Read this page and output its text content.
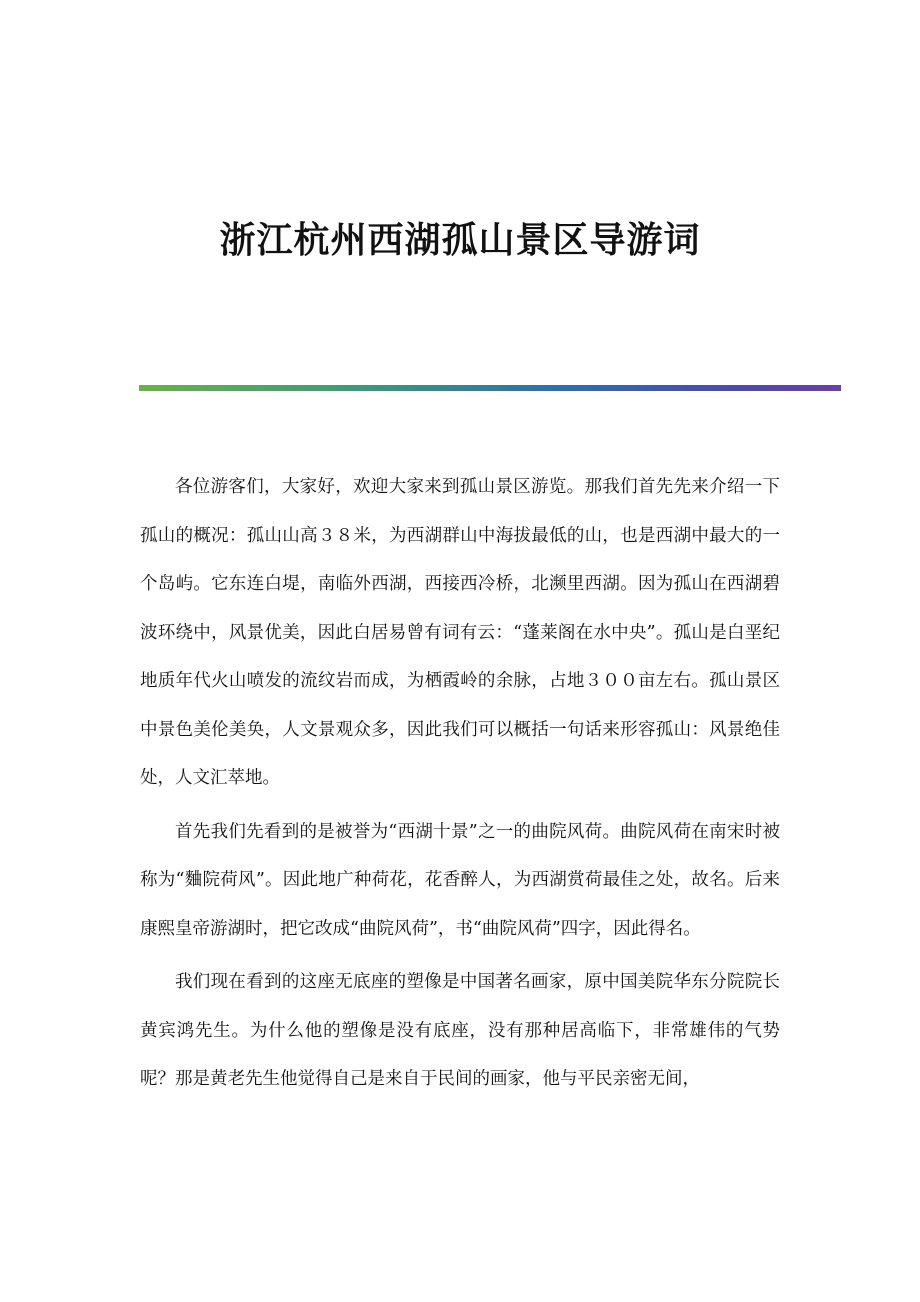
浙江杭州西湖孤山景区导游词

各位游客们，大家好，欢迎大家来到孤山景区游览。那我们首先先来介绍一下孤山的概况：孤山山高３８米，为西湖群山中海拔最低的山，也是西湖中最大的一个岛屿。它东连白堤，南临外西湖，西接西冷桥，北濒里西湖。因为孤山在西湖碧波环绕中，风景优美，因此白居易曾有词有云：“蓬莱阁在水中央”。孤山是白垩纪地质年代火山喷发的流纹岩而成，为栖霞岭的余脉，占地３００亩左右。孤山景区中景色美伦美奂，人文景观众多，因此我们可以概括一句话来形容孤山：风景绝佳处，人文汇萃地。

首先我们先看到的是被誉为“西湖十景”之一的曲院风荷。曲院风荷在南宋时被称为“麯院荷风”。因此地广种荷花，花香醉人，为西湖赏荷最佳之处，故名。后来康熙皇帝游湖时，把它改成“曲院风荷”，书“曲院风荷”四字，因此得名。

我们现在看到的这座无底座的塑像是中国著名画家，原中国美院华东分院院长黄宾鸿先生。为什么他的塑像是没有底座，没有那种居高临下，非常雄伟的气势呢？那是黄老先生他觉得自己是来自于民间的画家，他与平民亲密无间，
